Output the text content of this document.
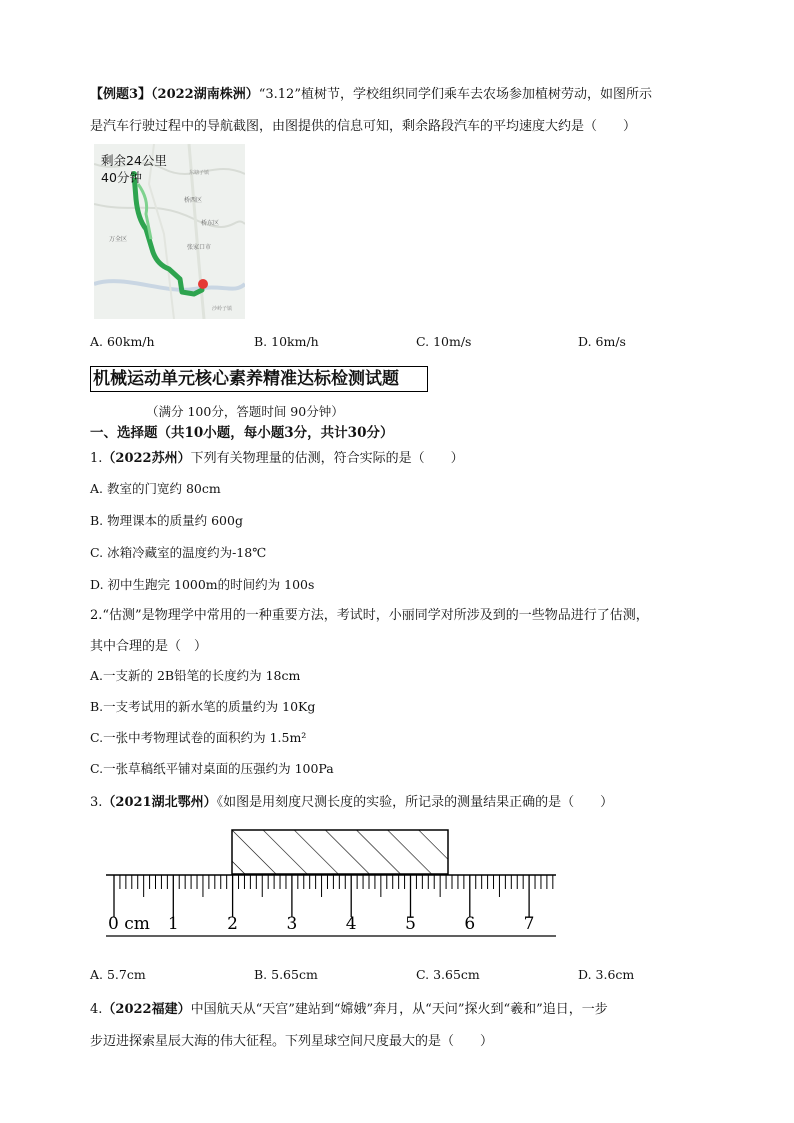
【例题3】（2022湖南株洲）“3.12”植树节，学校组织同学们乘车去农场参加植树劳动，如图所示
是汽车行驶过程中的导航截图，由图提供的信息可知，剩余路段汽车的平均速度大约是（　　）
剩余24公里
40分钟	东塘子镇
桥西区
桥东区
万全区
张家口市
沙岭子镇
A. 60km/h	B. 10km/h	C. 10m/s	D. 6m/s
机械运动单元核心素养精准达标检测试题
（满分 100分，答题时间 90分钟）
一、选择题（共10小题，每小题3分，共计30分）
1.（2022苏州）下列有关物理量的估测，符合实际的是（　　）
A. 教室的门宽约 80cm
B. 物理课本的质量约 600g
C. 冰箱冷藏室的温度约为-18℃
D. 初中生跑完 1000m的时间约为 100s
2.“估测”是物理学中常用的一种重要方法，考试时，小丽同学对所涉及到的一些物品进行了估测，
其中合理的是（　）
A.一支新的 2B铅笔的长度约为 18cm
B.一支考试用的新水笔的质量约为 10Kg
C.一张中考物理试卷的面积约为 1.5m²
C.一张草稿纸平铺对桌面的压强约为 100Pa
3.（2021湖北鄂州）《如图是用刻度尺测长度的实验，所记录的测量结果正确的是（　　）
0 cm 1	2	3	4	5	6	7
A. 5.7cm	B. 5.65cm	C. 3.65cm	D. 3.6cm
4.（2022福建）中国航天从“天宫”建站到“嫦娥”奔月，从“天问”探火到“羲和”追日，一步
步迈进探索星辰大海的伟大征程。下列星球空间尺度最大的是（　　）
